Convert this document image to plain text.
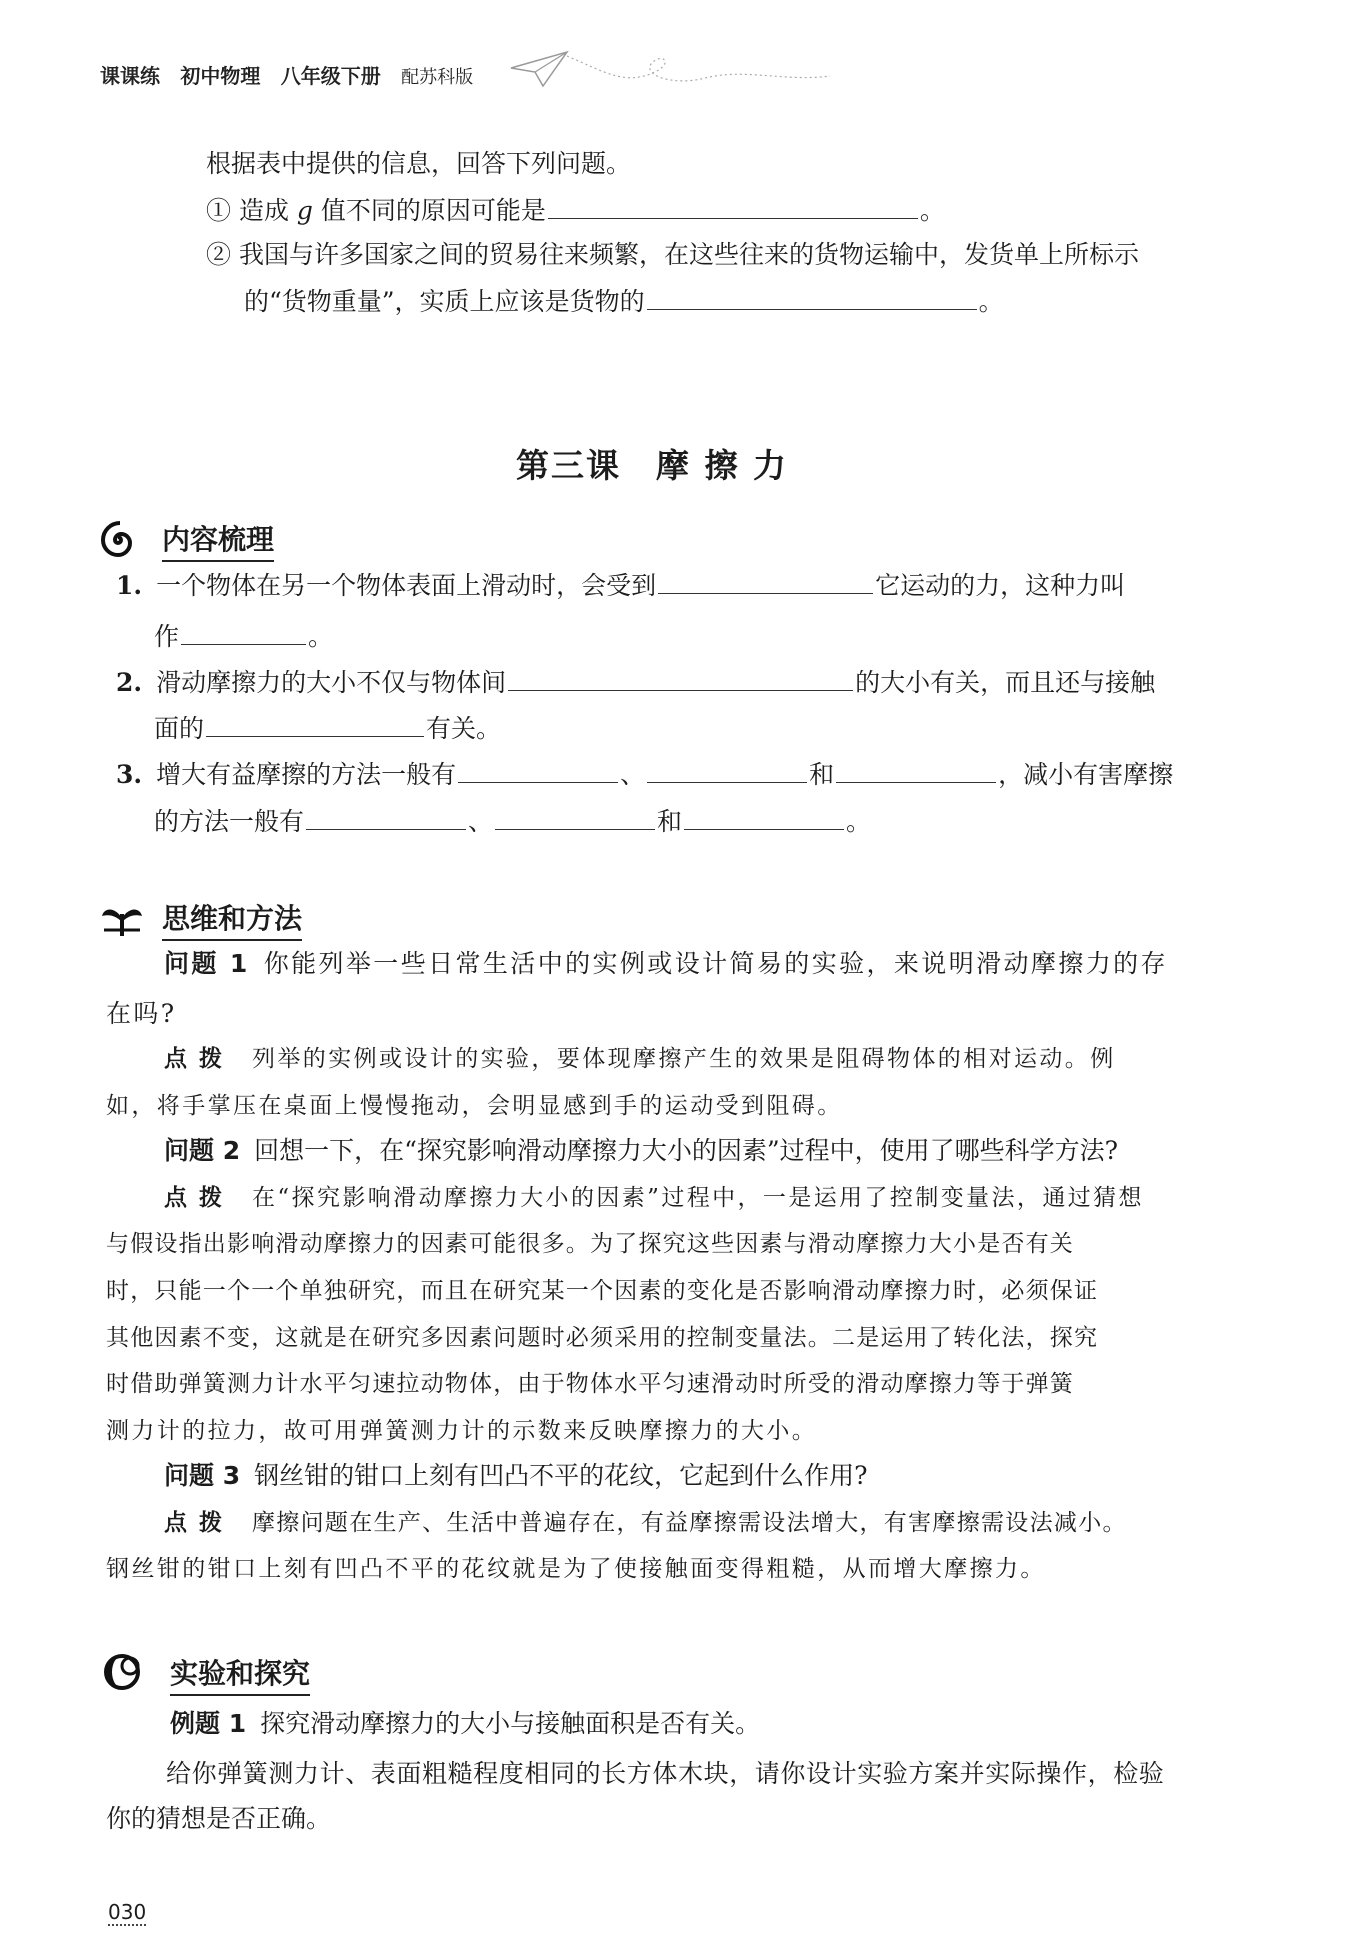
课课练 初中物理 八年级下册 配苏科版
根据表中提供的信息，回答下列问题。
① 造成 g 值不同的原因可能是	。
② 我国与许多国家之间的贸易往来频繁，在这些往来的货物运输中，发货单上所标示
的“货物重量”，实质上应该是货物的	。
第三课　摩 擦 力
内容梳理
1. 一个物体在另一个物体表面上滑动时，会受到	它运动的力，这种力叫
作	。
2. 滑动摩擦力的大小不仅与物体间	的大小有关，而且还与接触
面的	有关。
3. 增大有益摩擦的方法一般有	、	和	，减小有害摩擦
的方法一般有	、	和	。
思维和方法
问题 1 你能列举一些日常生活中的实例或设计简易的实验，来说明滑动摩擦力的存
在吗?
点拨 列举的实例或设计的实验，要体现摩擦产生的效果是阻碍物体的相对运动。例
如，将手掌压在桌面上慢慢拖动，会明显感到手的运动受到阻碍。
问题 2 回想一下，在“探究影响滑动摩擦力大小的因素”过程中，使用了哪些科学方法?
点拨 在“探究影响滑动摩擦力大小的因素”过程中，一是运用了控制变量法，通过猜想
与假设指出影响滑动摩擦力的因素可能很多。为了探究这些因素与滑动摩擦力大小是否有关
时，只能一个一个单独研究，而且在研究某一个因素的变化是否影响滑动摩擦力时，必须保证
其他因素不变，这就是在研究多因素问题时必须采用的控制变量法。二是运用了转化法，探究
时借助弹簧测力计水平匀速拉动物体，由于物体水平匀速滑动时所受的滑动摩擦力等于弹簧
测力计的拉力，故可用弹簧测力计的示数来反映摩擦力的大小。
问题 3 钢丝钳的钳口上刻有凹凸不平的花纹，它起到什么作用?
点拨 摩擦问题在生产、生活中普遍存在，有益摩擦需设法增大，有害摩擦需设法减小。
钢丝钳的钳口上刻有凹凸不平的花纹就是为了使接触面变得粗糙，从而增大摩擦力。
实验和探究
例题 1 探究滑动摩擦力的大小与接触面积是否有关。
给你弹簧测力计、表面粗糙程度相同的长方体木块，请你设计实验方案并实际操作，检验
你的猜想是否正确。
030
